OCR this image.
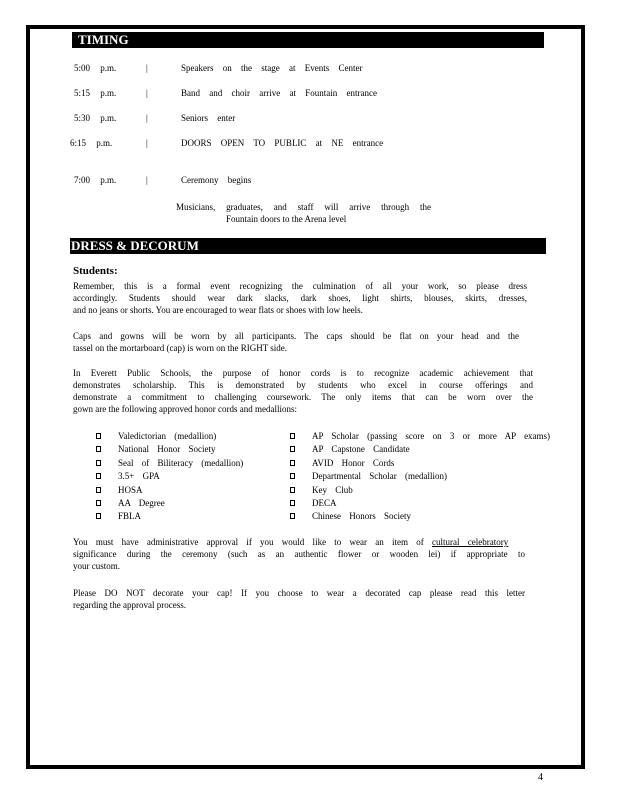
TIMING
5:00 p.m.	|	Speakers on the stage at Events Center
5:15 p.m.	|	Band and choir arrive at Fountain entrance
5:30 p.m.	|	Seniors enter
6:15 p.m.	|	DOORS OPEN TO PUBLIC at NE entrance
7:00 p.m.	|	Ceremony begins
Musicians, graduates, and staff will arrive through the
Fountain doors to the Arena level
DRESS & DECORUM
Students:
Remember, this is a formal event recognizing the culmination of all your work, so please dress
accordingly. Students should wear dark slacks, dark shoes, light shirts, blouses, skirts, dresses,
and no jeans or shorts. You are encouraged to wear flats or shoes with low heels.
Caps and gowns will be worn by all participants. The caps should be flat on your head and the
tassel on the mortarboard (cap) is worn on the RIGHT side.
In Everett Public Schools, the purpose of honor cords is to recognize academic achievement that
demonstrates scholarship. This is demonstrated by students who excel in course offerings and
demonstrate a commitment to challenging coursework. The only items that can be worn over the
gown are the following approved honor cords and medallions:
Valedictorian (medallion)
National Honor Society
Seal of Biliteracy (medallion)
3.5+ GPA
HOSA
AA Degree
FBLA
AP Scholar (passing score on 3 or more AP exams)
AP Capstone Candidate
AVID Honor Cords
Departmental Scholar (medallion)
Key Club
DECA
Chinese Honors Society
You must have administrative approval if you would like to wear an item of cultural celebratory
significance during the ceremony (such as an authentic flower or wooden lei) if appropriate to
your custom.
Please DO NOT decorate your cap! If you choose to wear a decorated cap please read this letter
regarding the approval process.
4
